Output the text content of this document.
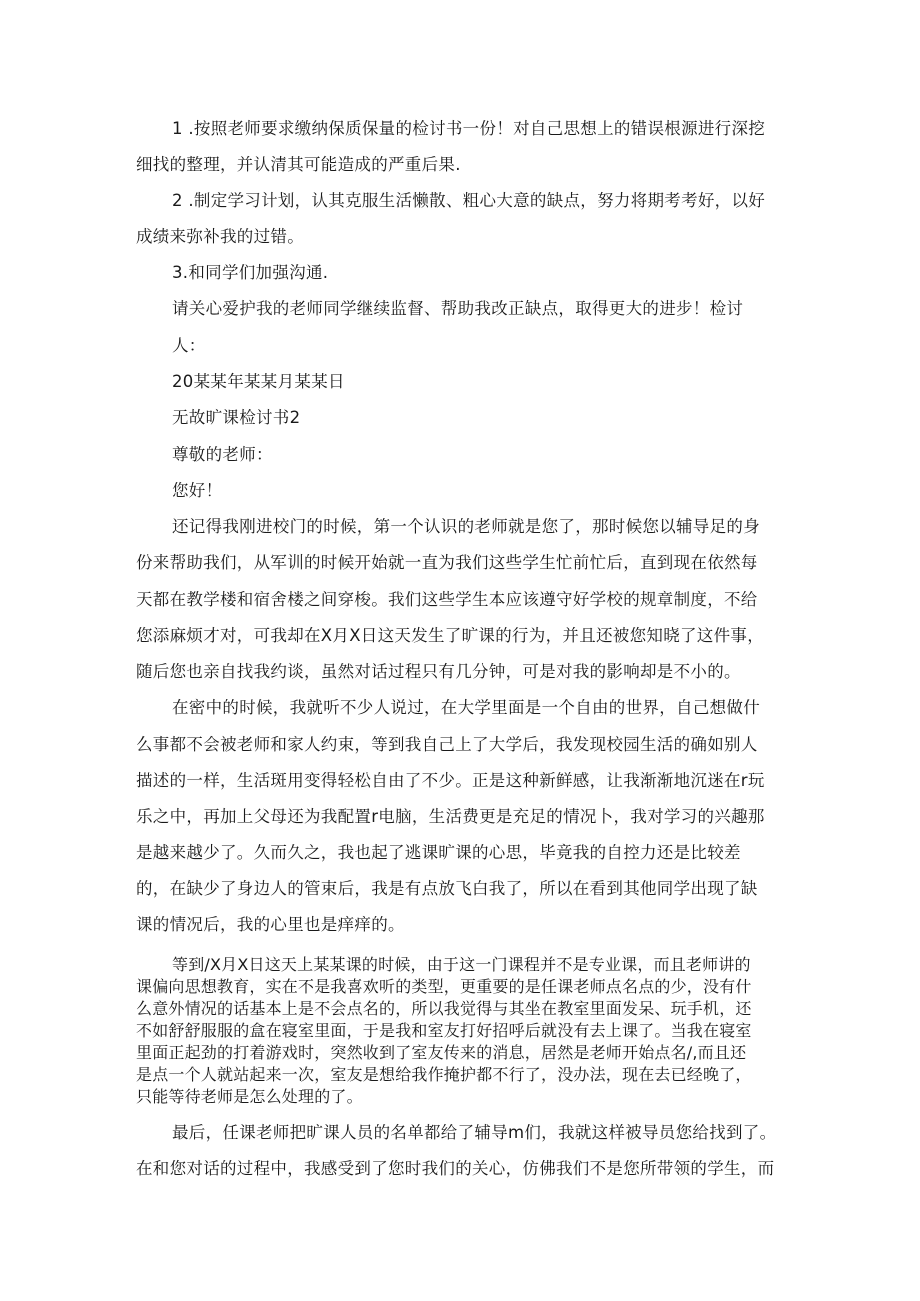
1 .按照老师要求缴纳保质保量的检讨书一份！对自己思想上的错误根源进行深挖

细找的整理，并认清其可能造成的严重后果.

2 .制定学习计划，认其克服生活懒散、粗心大意的缺点，努力将期考考好，以好

成绩来弥补我的过错。

3.和同学们加强沟通.

请关心爱护我的老师同学继续监督、帮助我改正缺点，取得更大的进步！检讨

人：

20某某年某某月某某日

无故旷课检讨书2

尊敬的老师：

您好！

还记得我刚进校门的时候，第一个认识的老师就是您了，那时候您以辅导足的身

份来帮助我们，从军训的时候开始就一直为我们这些学生忙前忙后，直到现在依然每

天都在教学楼和宿舍楼之间穿梭。我们这些学生本应该遵守好学校的规章制度，不给

您添麻烦才对，可我却在X月X日这天发生了旷课的行为，并且还被您知晓了这件事，

随后您也亲自找我约谈，虽然对话过程只有几分钟，可是对我的影响却是不小的。

在密中的时候，我就听不少人说过，在大学里面是一个自由的世界，自己想做什

么事都不会被老师和家人约束，等到我自己上了大学后，我发现校园生活的确如别人

描述的一样，生活斑用变得轻松自由了不少。正是这种新鲜感，让我渐渐地沉迷在r玩

乐之中，再加上父母还为我配置r电脑，生活费更是充足的情况卜，我对学习的兴趣那

是越来越少了。久而久之，我也起了逃课旷课的心思，毕竟我的自控力还是比较差

的，在缺少了身边人的管束后，我是有点放飞白我了，所以在看到其他同学出现了缺

课的情况后，我的心里也是痒痒的。

等到/X月X日这天上某某课的时候，由于这一门课程并不是专业课，而且老师讲的

课偏向思想教育，实在不是我喜欢听的类型，更重要的是任课老师点名点的少，没有什

么意外情况的话基本上是不会点名的，所以我觉得与其坐在教室里面发呆、玩手机，还

不如舒舒服服的盒在寝室里面，于是我和室友打好招呼后就没有去上课了。当我在寝室

里面正起劲的打着游戏时，突然收到了室友传来的消息，居然是老师开始点名/,而且还

是点一个人就站起来一次，室友是想给我作掩护都不行了，没办法，现在去已经晚了，

只能等待老师是怎么处理的了。

最后，任课老师把旷课人员的名单都给了辅导m们，我就这样被导员您给找到了。

在和您对话的过程中，我感受到了您时我们的关心，仿佛我们不是您所带领的学生，而
